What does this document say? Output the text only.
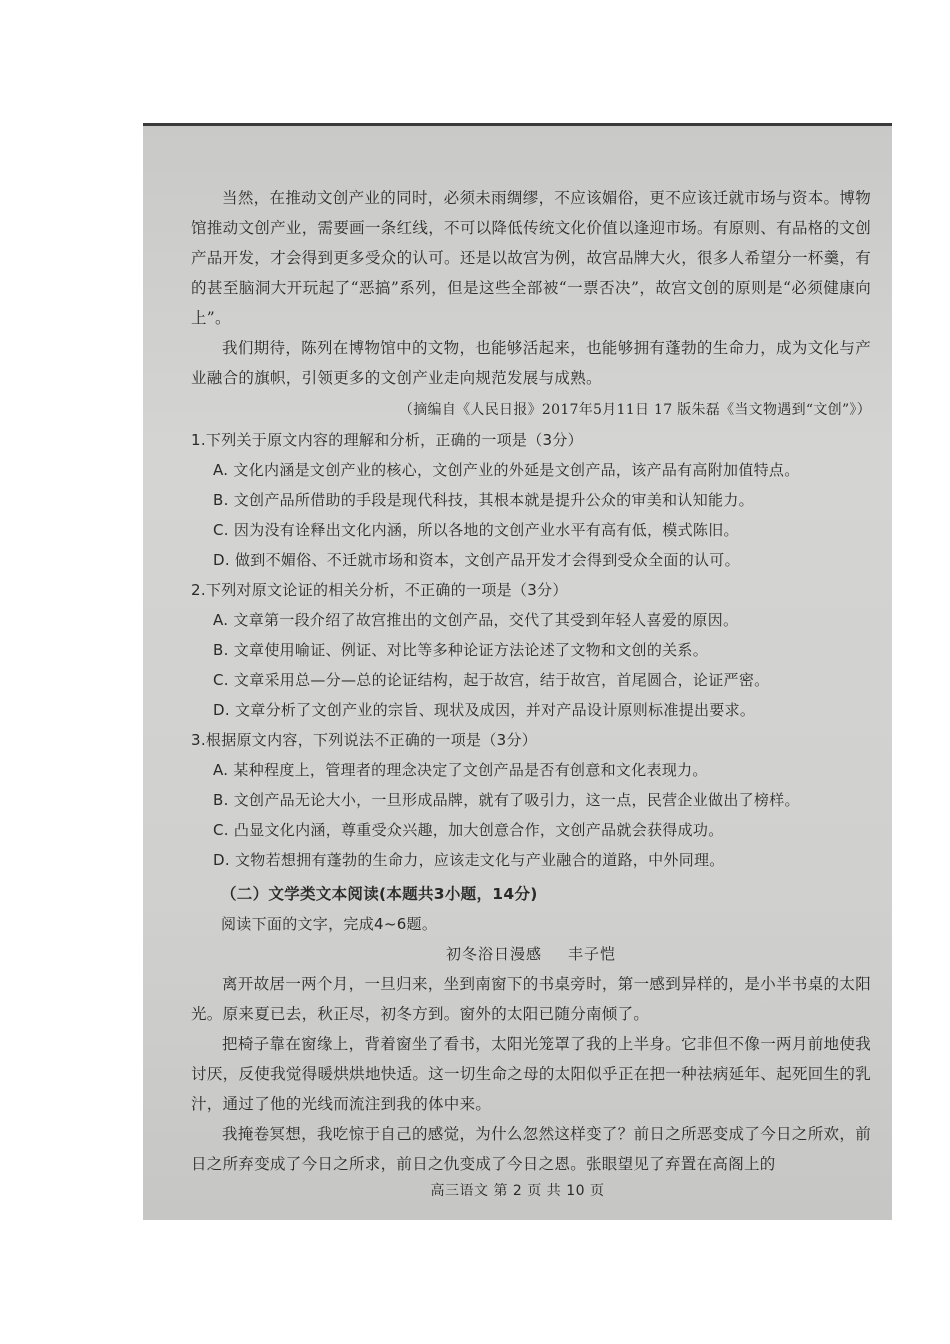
当然，在推动文创产业的同时，必须未雨绸缪，不应该媚俗，更不应该迁就市场与资本。博物馆推动文创产业，需要画一条红线，不可以降低传统文化价值以逢迎市场。有原则、有品格的文创产品开发，才会得到更多受众的认可。还是以故宫为例，故宫品牌大火，很多人希望分一杯羹，有的甚至脑洞大开玩起了“恶搞”系列，但是这些全部被“一票否决”，故宫文创的原则是“必须健康向上”。

我们期待，陈列在博物馆中的文物，也能够活起来，也能够拥有蓬勃的生命力，成为文化与产业融合的旗帜，引领更多的文创产业走向规范发展与成熟。

（摘编自《人民日报》2017年5月11日 17 版朱磊《当文物遇到“文创”》）

1.下列关于原文内容的理解和分析，正确的一项是（3分）

A. 文化内涵是文创产业的核心，文创产业的外延是文创产品，该产品有高附加值特点。

B. 文创产品所借助的手段是现代科技，其根本就是提升公众的审美和认知能力。

C. 因为没有诠释出文化内涵，所以各地的文创产业水平有高有低，模式陈旧。

D. 做到不媚俗、不迁就市场和资本，文创产品开发才会得到受众全面的认可。

2.下列对原文论证的相关分析，不正确的一项是（3分）

A. 文章第一段介绍了故宫推出的文创产品，交代了其受到年轻人喜爱的原因。

B. 文章使用喻证、例证、对比等多种论证方法论述了文物和文创的关系。

C. 文章采用总—分—总的论证结构，起于故宫，结于故宫，首尾圆合，论证严密。

D. 文章分析了文创产业的宗旨、现状及成因，并对产品设计原则标准提出要求。

3.根据原文内容，下列说法不正确的一项是（3分）

A. 某种程度上，管理者的理念决定了文创产品是否有创意和文化表现力。

B. 文创产品无论大小，一旦形成品牌，就有了吸引力，这一点，民营企业做出了榜样。

C. 凸显文化内涵，尊重受众兴趣，加大创意合作，文创产品就会获得成功。

D. 文物若想拥有蓬勃的生命力，应该走文化与产业融合的道路，中外同理。

（二）文学类文本阅读(本题共3小题，14分)

阅读下面的文字，完成4~6题。

初冬浴日漫感 丰子恺

离开故居一两个月，一旦归来，坐到南窗下的书桌旁时，第一感到异样的，是小半书桌的太阳光。原来夏已去，秋正尽，初冬方到。窗外的太阳已随分南倾了。

把椅子靠在窗缘上，背着窗坐了看书，太阳光笼罩了我的上半身。它非但不像一两月前地使我讨厌，反使我觉得暖烘烘地快适。这一切生命之母的太阳似乎正在把一种祛病延年、起死回生的乳汁，通过了他的光线而流注到我的体中来。

我掩卷冥想，我吃惊于自己的感觉，为什么忽然这样变了？前日之所恶变成了今日之所欢，前日之所弃变成了今日之所求，前日之仇变成了今日之恩。张眼望见了弃置在高阁上的

高三语文 第 2 页 共 10 页
